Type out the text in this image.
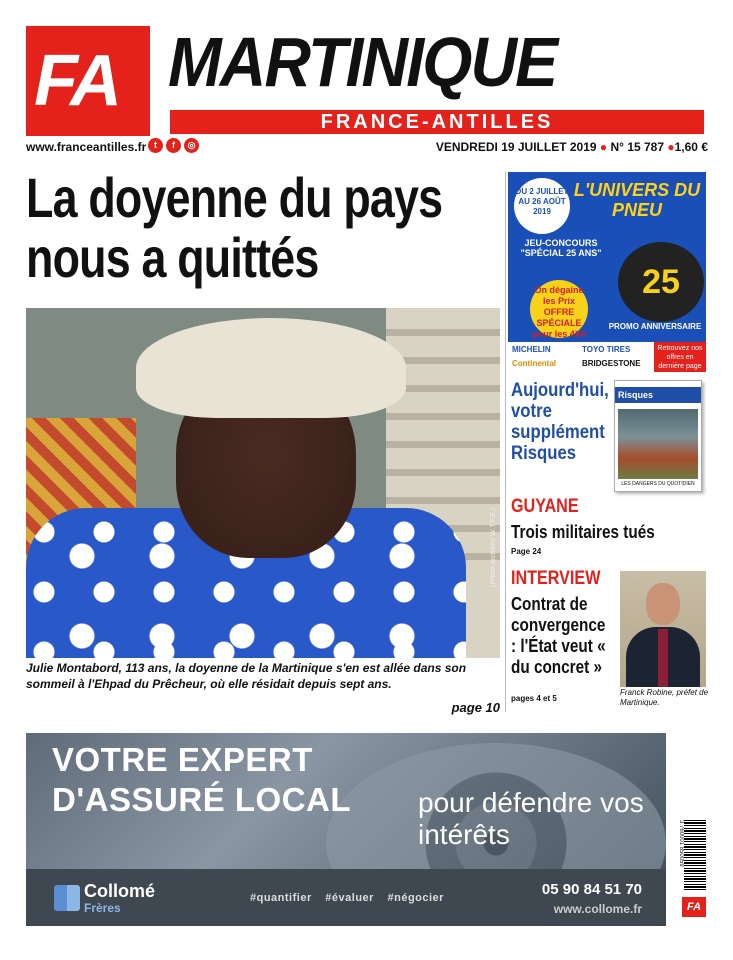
FA MARTINIQUE
FRANCE-ANTILLES
www.franceantilles.fr t	f	◎	VENDREDI 19 JUILLET 2019 ● N° 15 787 ●1,60 €
La doyenne du pays nous a quittés
(Photo archives W.T.F.B.)
Julie Montabord, 113 ans, la doyenne de la Martinique s'en est allée dans son sommeil à l'Ehpad du Prêcheur, où elle résidait depuis sept ans.
page 10
DU 2 JUILLET AU 26 AOÛT 2019
L'UNIVERS DU PNEU
JEU-CONCOURS "SPÉCIAL 25 ANS"
On dégaine les Prix OFFRE SPÉCIALE pour les 4X4
25
PROMO ANNIVERSAIRE
MICHELIN	TOYO TIRES
Continental	BRIDGESTONE
Retrouvez nos offres en dernière page
Aujourd'hui, votre supplément Risques
Risques
LES DANGERS DU QUOTIDIEN
GUYANE
Trois militaires tués
Page 24
INTERVIEW
Contrat de convergence : l'État veut « du concret »
pages 4 et 5
Franck Robine, préfet de Martinique.
VOTRE EXPERT
D'ASSURÉ LOCAL pour défendre vos intérêts
Collomé
Frères
#quantifier #évaluer #négocier	05 90 84 51 70
www.collome.fr
3 760001 850059
FA
